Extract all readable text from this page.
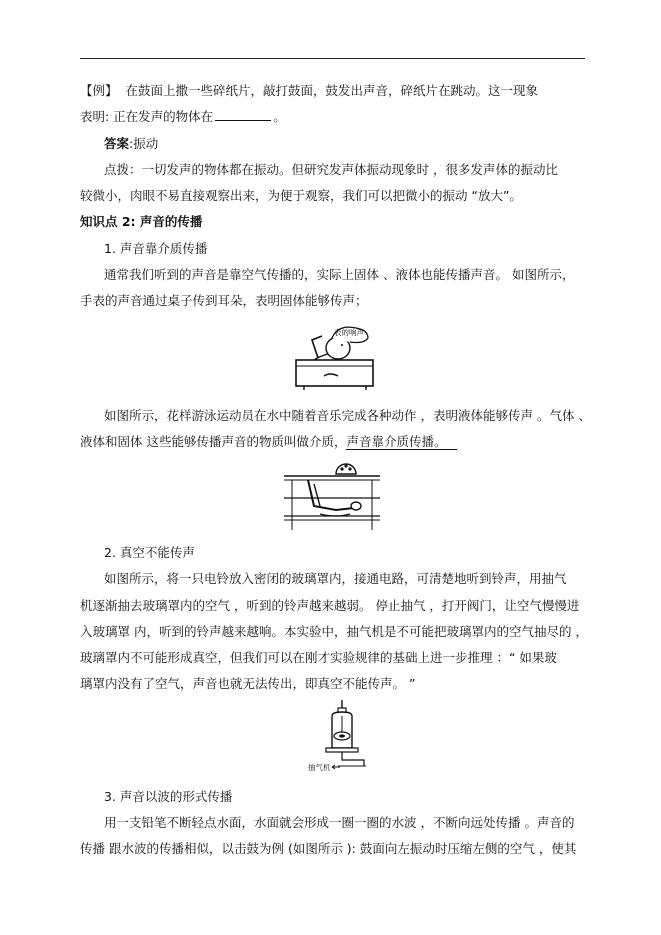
【例】 在鼓面上撒一些碎纸片，敲打鼓面，鼓发出声音，碎纸片在跳动。这一现象
表明: 正在发声的物体在	。
答案:振动
点拨：一切发声的物体都在振动。但研究发声体振动现象时 ，很多发声体的振动比
较微小，肉眼不易直接观察出来，为便于观察，我们可以把微小的振动 “放大”。
知识点 2: 声音的传播
1. 声音靠介质传播
通常我们听到的声音是靠空气传播的，实际上固体 、液体也能传播声音。 如图所示，
手表的声音通过桌子传到耳朵，表明固体能够传声；
表的响声
如图所示，花样游泳运动员在水中随着音乐完成各种动作 ，表明液体能够传声 。气体 、
液体和固体 这些能够传播声音的物质叫做介质，声音靠介质传播。
2. 真空不能传声
如图所示，将一只电铃放入密闭的玻璃罩内，接通电路，可清楚地听到铃声，用抽气
机逐渐抽去玻璃罩内的空气 ，听到的铃声越来越弱。 停止抽气 ，打开阀门，让空气慢慢进
入玻璃罩 内，听到的铃声越来越响。本实验中，抽气机是不可能把玻璃罩内的空气抽尽的 ，
玻璃罩内不可能形成真空，但我们可以在刚才实验规律的基础上进一步推理 ：“ 如果玻
璃罩内没有了空气，声音也就无法传出，即真空不能传声。 ”
抽气机
3. 声音以波的形式传播
用一支铅笔不断轻点水面，水面就会形成一圈一圈的水波 ，不断向远处传播 。声音的
传播 跟水波的传播相似，以击鼓为例 (如图所示 ): 鼓面向左振动时压缩左侧的空气 ，使其
